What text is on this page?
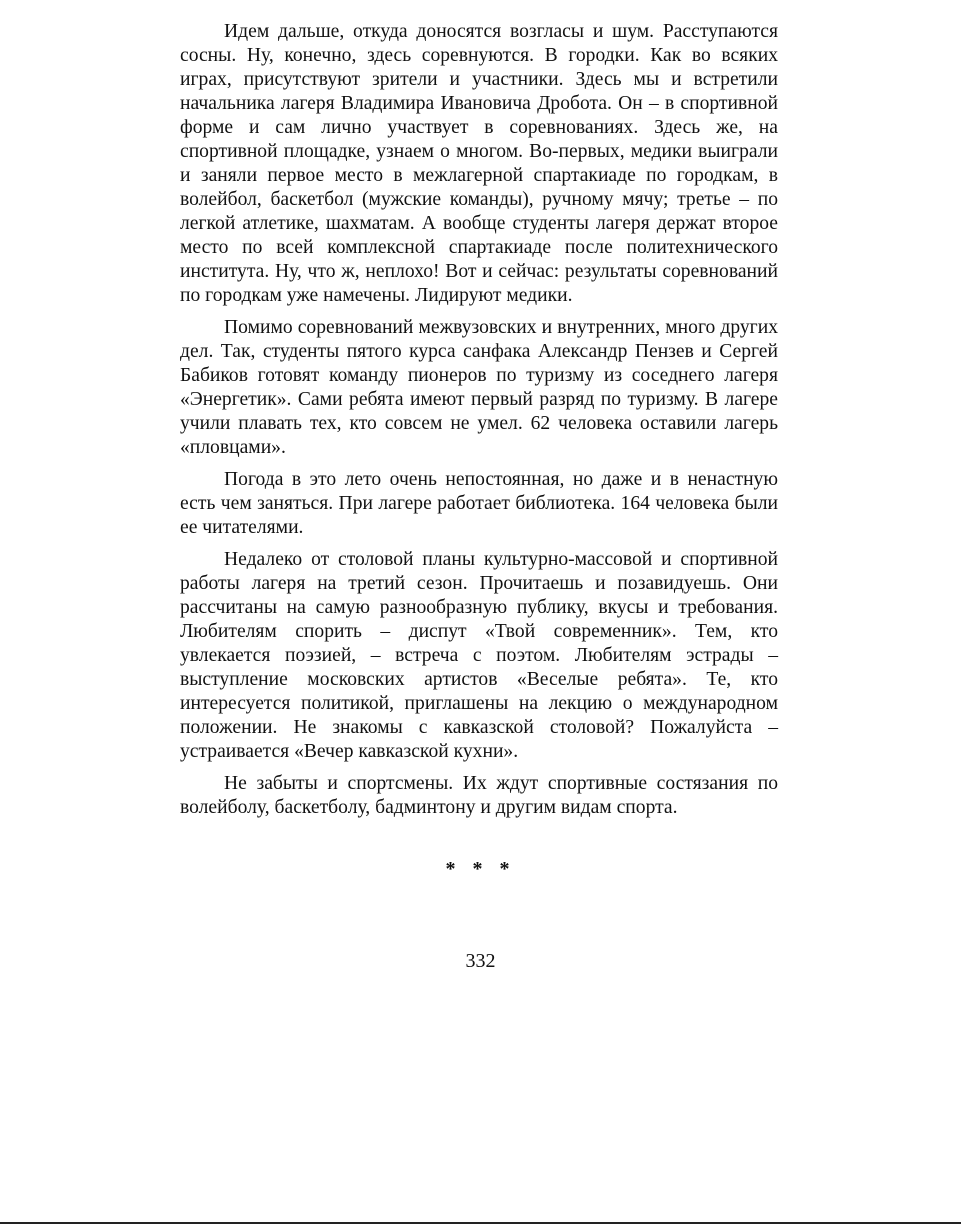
Идем дальше, откуда доносятся возгласы и шум. Расступаются сосны. Ну, конечно, здесь соревнуются. В городки. Как во всяких играх, присутствуют зрители и участники. Здесь мы и встретили начальника лагеря Владимира Ивановича Дробота. Он – в спортивной форме и сам лично участвует в соревнованиях. Здесь же, на спортивной площадке, узнаем о многом. Во-первых, медики выиграли и заняли первое место в межлагерной спартакиаде по городкам, в волейбол, баскетбол (мужские команды), ручному мячу; третье – по легкой атлетике, шахматам. А вообще студенты лагеря держат второе место по всей комплексной спартакиаде после политехнического института. Ну, что ж, неплохо! Вот и сейчас: результаты соревнований по городкам уже намечены. Лидируют медики.

Помимо соревнований межвузовских и внутренних, много других дел. Так, студенты пятого курса санфака Александр Пензев и Сергей Бабиков готовят команду пионеров по туризму из соседнего лагеря «Энергетик». Сами ребята имеют первый разряд по туризму. В лагере учили плавать тех, кто совсем не умел. 62 человека оставили лагерь «пловцами».

Погода в это лето очень непостоянная, но даже и в ненастную есть чем заняться. При лагере работает библиотека. 164 человека были ее читателями.

Недалеко от столовой планы культурно-массовой и спортивной работы лагеря на третий сезон. Прочитаешь и позавидуешь. Они рассчитаны на самую разнообразную публику, вкусы и требования. Любителям спорить – диспут «Твой современник». Тем, кто увлекается поэзией, – встреча с поэтом. Любителям эстрады – выступление московских артистов «Веселые ребята». Те, кто интересуется политикой, приглашены на лекцию о международном положении. Не знакомы с кавказской столовой? Пожалуйста – устраивается «Вечер кавказской кухни».

Не забыты и спортсмены. Их ждут спортивные состязания по волейболу, баскетболу, бадминтону и другим видам спорта.

* * *
332
